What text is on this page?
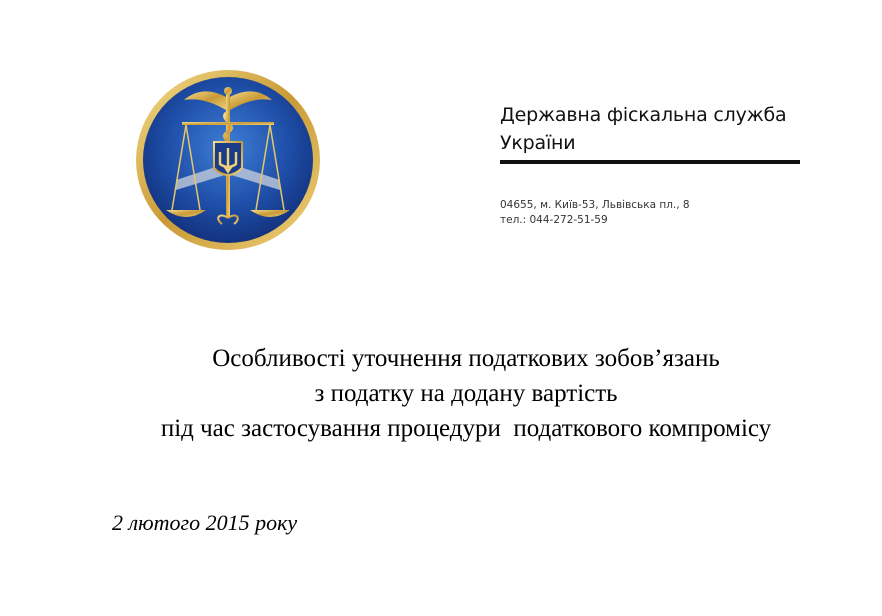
Державна фіскальна служба
України
04655, м. Київ-53, Львівська пл., 8
тел.: 044-272-51-59
Особливості уточнення податкових зобов’язань
з податку на додану вартість
під час застосування процедури  податкового компромісу
2 лютого 2015 року
